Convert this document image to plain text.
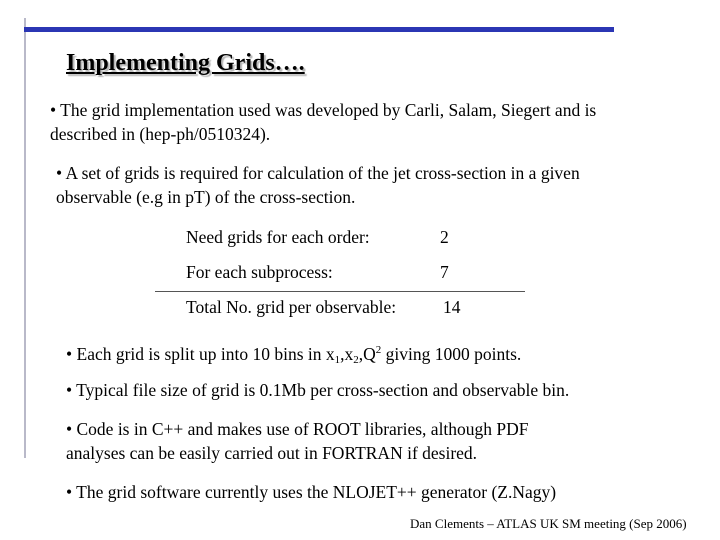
Implementing Grids….
• The grid implementation used was developed by Carli, Salam, Siegert and is
described in (hep-ph/0510324).
• A set of grids is required for calculation of the jet cross-section in a given
observable (e.g in pT) of the cross-section.
Need grids for each order:	2
For each subprocess:	7
Total No. grid per observable:	14
• Each grid is split up into 10 bins in $x_1,x_2,Q^2$ giving 1000 points.
• Typical file size of grid is 0.1Mb per cross-section and observable bin.
• Code is in C++ and makes use of ROOT libraries, although PDF
analyses can be easily carried out in FORTRAN if desired.
• The grid software currently uses the NLOJET++ generator (Z.Nagy)
Dan Clements – ATLAS UK SM meeting (Sep 2006)
